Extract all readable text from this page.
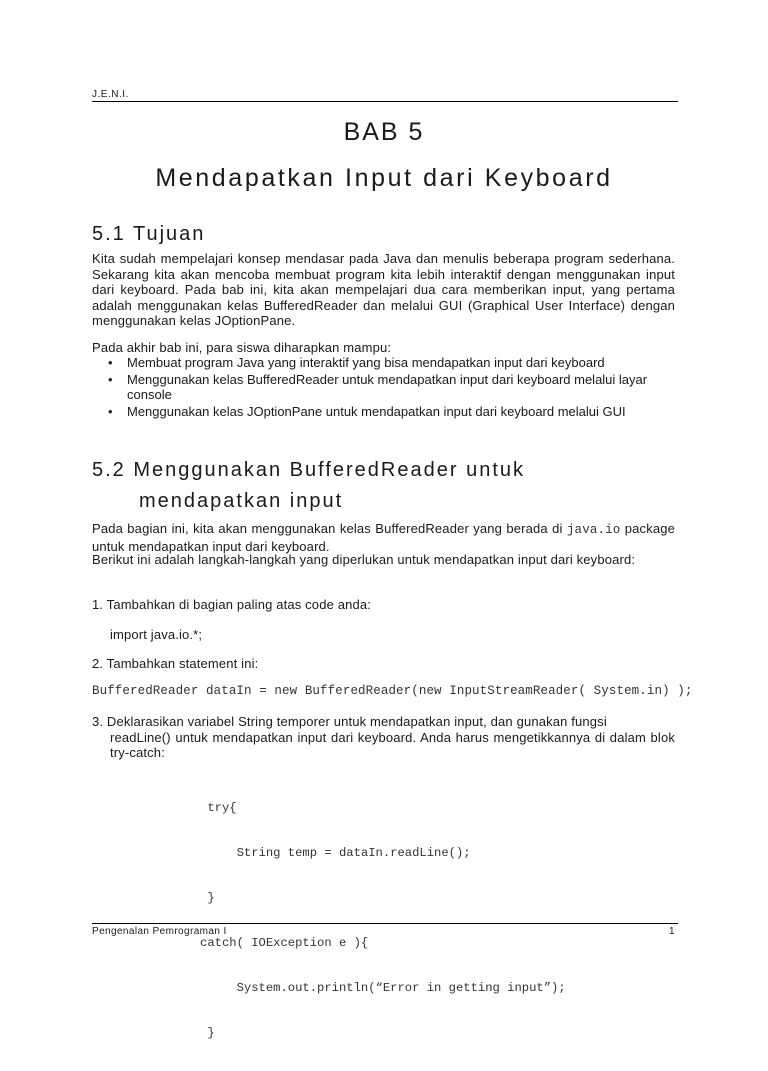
J.E.N.I.
BAB 5
Mendapatkan Input dari Keyboard
5.1 Tujuan
Kita sudah mempelajari konsep mendasar pada Java dan menulis beberapa program sederhana. Sekarang kita akan mencoba membuat program kita lebih interaktif dengan menggunakan input dari keyboard. Pada bab ini, kita akan mempelajari dua cara memberikan input, yang pertama adalah menggunakan kelas BufferedReader dan melalui GUI (Graphical User Interface) dengan menggunakan kelas JOptionPane.
Pada akhir bab ini, para siswa diharapkan mampu:
• Membuat program Java yang interaktif yang bisa mendapatkan input dari keyboard
• Menggunakan kelas BufferedReader untuk mendapatkan input dari keyboard melalui layar console
• Menggunakan kelas JOptionPane untuk mendapatkan input dari keyboard melalui GUI
5.2 Menggunakan BufferedReader untuk
mendapatkan input
Pada bagian ini, kita akan menggunakan kelas BufferedReader yang berada di java.io package untuk mendapatkan input dari keyboard.
Berikut ini adalah langkah-langkah yang diperlukan untuk mendapatkan input dari keyboard:
1. Tambahkan di bagian paling atas code anda:
import java.io.*;
2. Tambahkan statement ini:
BufferedReader dataIn = new BufferedReader(new InputStreamReader( System.in) );
3. Deklarasikan variabel String temporer untuk mendapatkan input, dan gunakan fungsi
readLine() untuk mendapatkan input dari keyboard. Anda harus mengetikkannya di dalam blok try-catch:

try{

String temp = dataIn.readLine();

}

catch( IOException e ){

System.out.println(“Error in getting input”);

}

Pengenalan Pemrograman I	1
